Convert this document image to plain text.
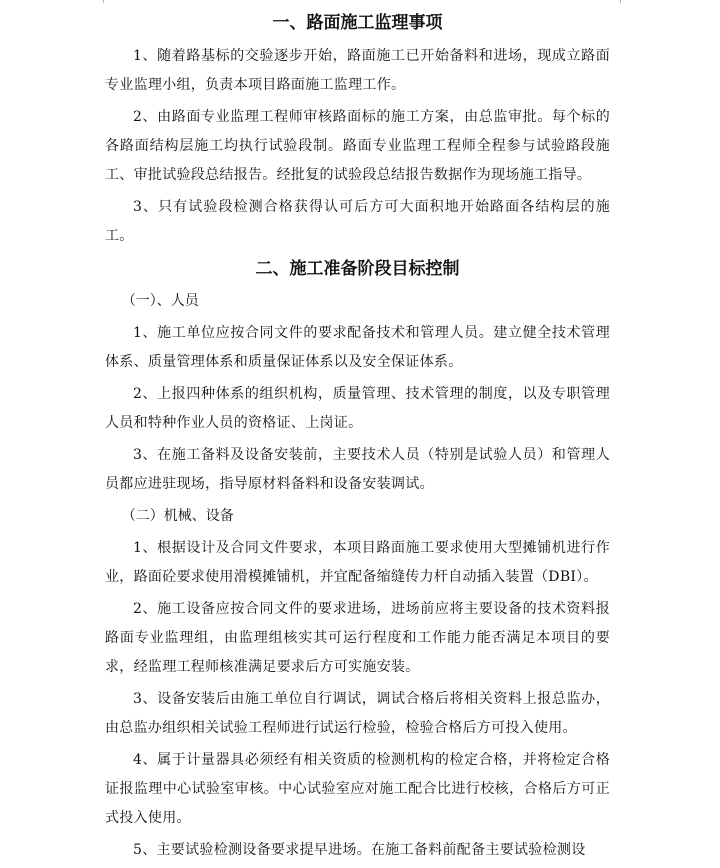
一、路面施工监理事项

1、随着路基标的交验逐步开始，路面施工已开始备料和进场，现成立路面专业监理小组，负责本项目路面施工监理工作。

2、由路面专业监理工程师审核路面标的施工方案，由总监审批。每个标的各路面结构层施工均执行试验段制。路面专业监理工程师全程参与试验路段施工、审批试验段总结报告。经批复的试验段总结报告数据作为现场施工指导。

3、只有试验段检测合格获得认可后方可大面积地开始路面各结构层的施工。

二、施工准备阶段目标控制

（一）、人员

1、施工单位应按合同文件的要求配备技术和管理人员。建立健全技术管理体系、质量管理体系和质量保证体系以及安全保证体系。

2、上报四种体系的组织机构，质量管理、技术管理的制度，以及专职管理人员和特种作业人员的资格证、上岗证。

3、在施工备料及设备安装前，主要技术人员（特别是试验人员）和管理人员都应进驻现场，指导原材料备料和设备安装调试。

（二）机械、设备

1、根据设计及合同文件要求，本项目路面施工要求使用大型摊铺机进行作业，路面砼要求使用滑模摊铺机，并宜配备缩缝传力杆自动插入装置（DBI）。

2、施工设备应按合同文件的要求进场，进场前应将主要设备的技术资料报路面专业监理组，由监理组核实其可运行程度和工作能力能否满足本项目的要求，经监理工程师核准满足要求后方可实施安装。

3、设备安装后由施工单位自行调试，调试合格后将相关资料上报总监办，由总监办组织相关试验工程师进行试运行检验，检验合格后方可投入使用。

4、属于计量器具必须经有相关资质的检测机构的检定合格，并将检定合格证报监理中心试验室审核。中心试验室应对施工配合比进行校核，合格后方可正式投入使用。

5、主要试验检测设备要求提早进场。在施工备料前配备主要试验检测设
